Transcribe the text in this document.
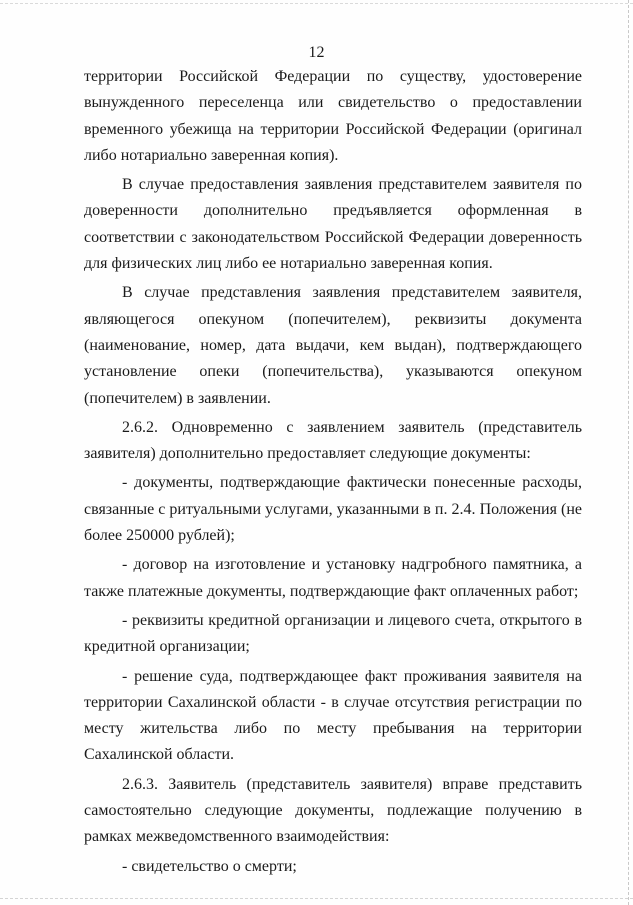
12

территории Российской Федерации по существу, удостоверение вынужденного переселенца или свидетельство о предоставлении временного убежища на территории Российской Федерации (оригинал либо нотариально заверенная копия).

В случае предоставления заявления представителем заявителя по доверенности дополнительно предъявляется оформленная в соответствии с законодательством Российской Федерации доверенность для физических лиц либо ее нотариально заверенная копия.

В случае представления заявления представителем заявителя, являющегося опекуном (попечителем), реквизиты документа (наименование, номер, дата выдачи, кем выдан), подтверждающего установление опеки (попечительства), указываются опекуном (попечителем) в заявлении.

2.6.2. Одновременно с заявлением заявитель (представитель заявителя) дополнительно предоставляет следующие документы:

- документы, подтверждающие фактически понесенные расходы, связанные с ритуальными услугами, указанными в п. 2.4. Положения (не более 250000 рублей);

- договор на изготовление и установку надгробного памятника, а также платежные документы, подтверждающие факт оплаченных работ;

- реквизиты кредитной организации и лицевого счета, открытого в кредитной организации;

- решение суда, подтверждающее факт проживания заявителя на территории Сахалинской области - в случае отсутствия регистрации по месту жительства либо по месту пребывания на территории Сахалинской области.

2.6.3. Заявитель (представитель заявителя) вправе представить самостоятельно следующие документы, подлежащие получению в рамках межведомственного взаимодействия:

- свидетельство о смерти;
